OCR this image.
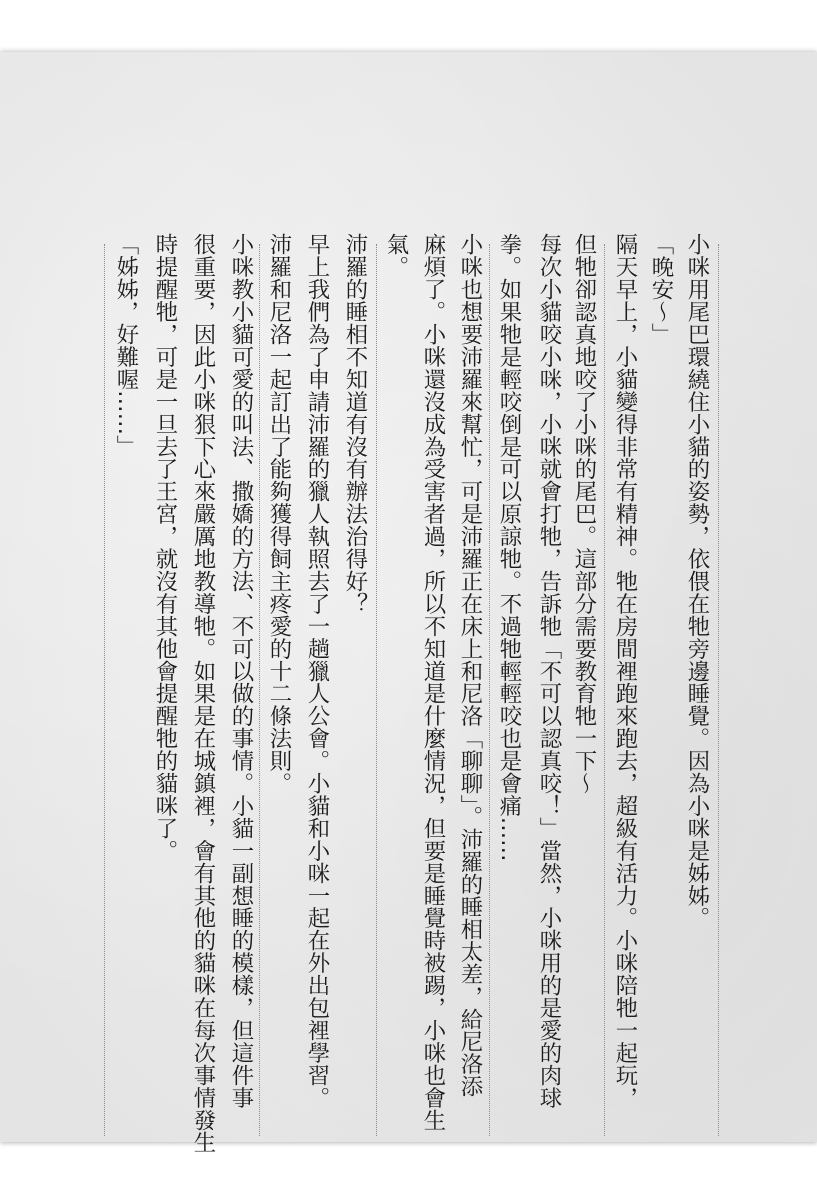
小咪用尾巴環繞住小貓的姿勢，依偎在牠旁邊睡覺。因為小咪是姊姊。
「晚安～」
隔天早上，小貓變得非常有精神。牠在房間裡跑來跑去，超級有活力。小咪陪牠一起玩，
但牠卻認真地咬了小咪的尾巴。這部分需要教育牠一下～
每次小貓咬小咪，小咪就會打牠，告訴牠「不可以認真咬！」當然，小咪用的是愛的肉球
拳。如果牠是輕咬倒是可以原諒牠。不過牠輕輕咬也是會痛……
小咪也想要沛羅來幫忙，可是沛羅正在床上和尼洛「聊聊」。沛羅的睡相太差，給尼洛添
麻煩了。小咪還沒成為受害者過，所以不知道是什麼情況，但要是睡覺時被踢，小咪也會生
氣。
沛羅的睡相不知道有沒有辦法治得好？
早上我們為了申請沛羅的獵人執照去了一趟獵人公會。小貓和小咪一起在外出包裡學習。
沛羅和尼洛一起訂出了能夠獲得飼主疼愛的十二條法則。
小咪教小貓可愛的叫法、撒嬌的方法、不可以做的事情。小貓一副想睡的模樣，但這件事
很重要，因此小咪狠下心來嚴厲地教導牠。如果是在城鎮裡，會有其他的貓咪在每次事情發生
時提醒牠，可是一旦去了王宮，就沒有其他會提醒牠的貓咪了。
「姊姊，好難喔……」
